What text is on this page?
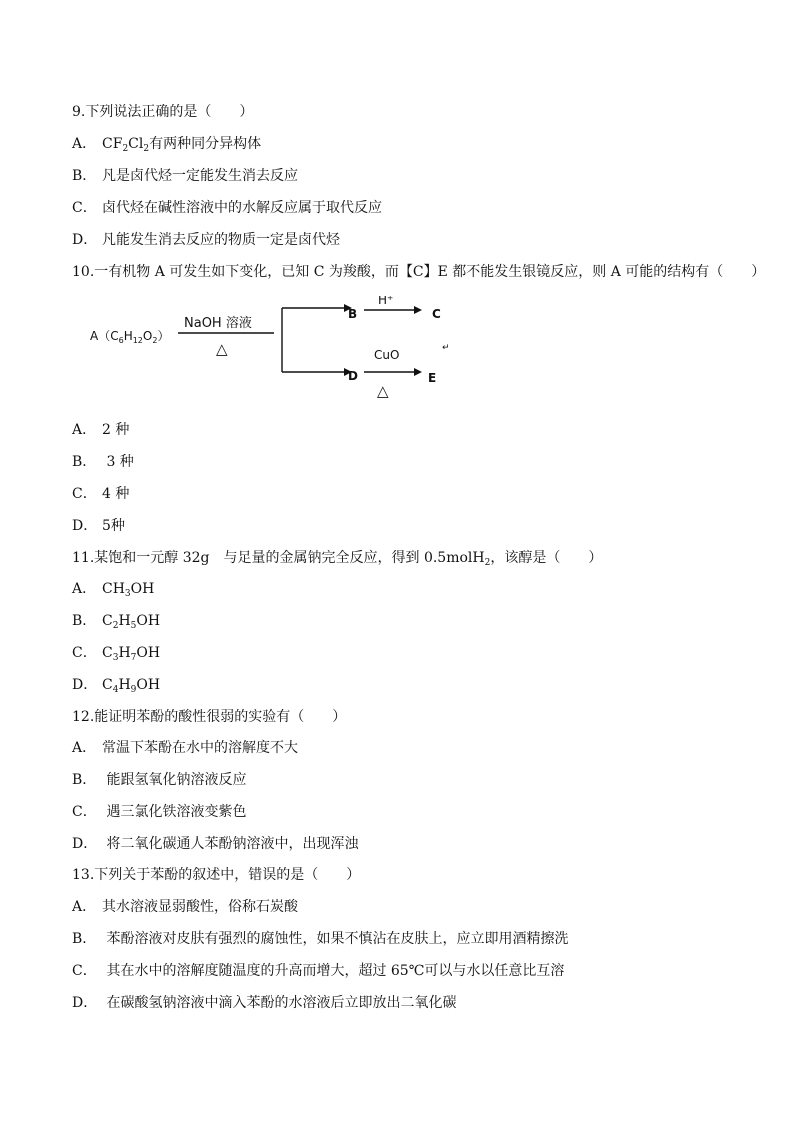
9.下列说法正确的是（　　）
A． $CF_2Cl_2$有两种同分异构体
B． 凡是卤代烃一定能发生消去反应
C． 卤代烃在碱性溶液中的水解反应属于取代反应
D． 凡能发生消去反应的物质一定是卤代烃
10.一有机物 A 可发生如下变化，已知 C 为羧酸，而【C】E 都不能发生银镜反应，则 A 可能的结构有（　　）
$A(C_6H_{12}O_2)$
NaOH 溶液
△
B
H⁺
C
D
CuO
△
E
↵
A． 2 种
B． 3 种
C． 4 种
D． 5种
11.某饱和一元醇 32g　与足量的金属钠完全反应，得到 0.5molH$_2$，该醇是（　　）
A． $CH_3OH$
B． $C_2H_5OH$
C． $C_3H_7OH$
D． $C_4H_9OH$
12.能证明苯酚的酸性很弱的实验有（　　）
A． 常温下苯酚在水中的溶解度不大
B． 能跟氢氧化钠溶液反应
C． 遇三氯化铁溶液变紫色
D． 将二氧化碳通人苯酚钠溶液中，出现浑浊
13.下列关于苯酚的叙述中，错误的是（　　）
A． 其水溶液显弱酸性，俗称石炭酸
B． 苯酚溶液对皮肤有强烈的腐蚀性，如果不慎沾在皮肤上，应立即用酒精擦洗
C． 其在水中的溶解度随温度的升高而增大，超过 65℃可以与水以任意比互溶
D． 在碳酸氢钠溶液中滴入苯酚的水溶液后立即放出二氧化碳
